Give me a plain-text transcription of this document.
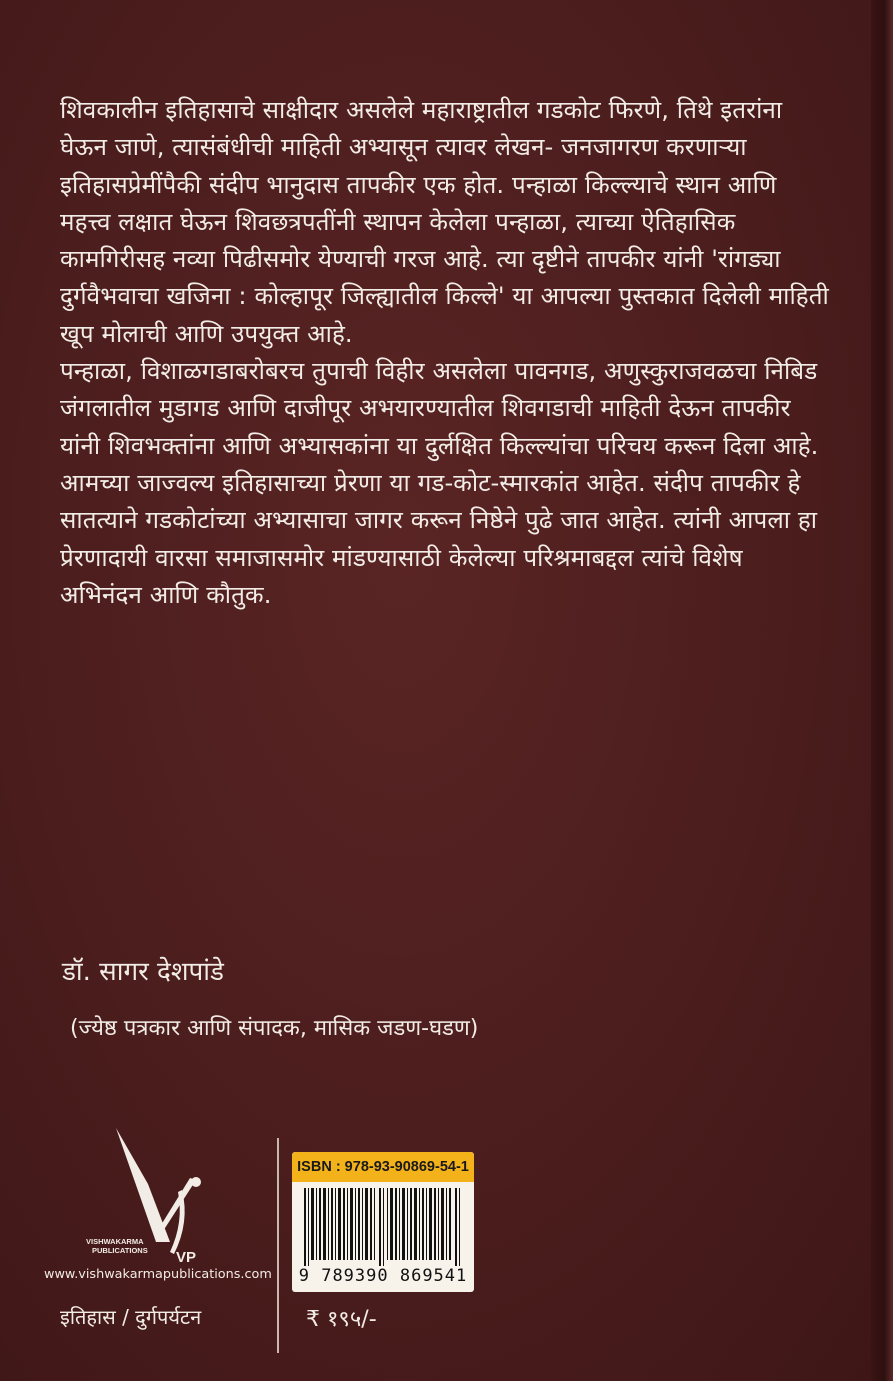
शिवकालीन इतिहासाचे साक्षीदार असलेले महाराष्ट्रातील गडकोट फिरणे, तिथे इतरांना घेऊन जाणे, त्यासंबंधीची माहिती अभ्यासून त्यावर लेखन- जनजागरण करणाऱ्या इतिहासप्रेमींपैकी संदीप भानुदास तापकीर एक होत. पन्हाळा किल्ल्याचे स्थान आणि महत्त्व लक्षात घेऊन शिवछत्रपतींनी स्थापन केलेला पन्हाळा, त्याच्या ऐतिहासिक कामगिरीसह नव्या पिढीसमोर येण्याची गरज आहे. त्या दृष्टीने तापकीर यांनी 'रांगड्या दुर्गवैभवाचा खजिना : कोल्हापूर जिल्ह्यातील किल्ले' या आपल्या पुस्तकात दिलेली माहिती खूप मोलाची आणि उपयुक्त आहे.

पन्हाळा, विशाळगडाबरोबरच तुपाची विहीर असलेला पावनगड, अणुस्कुराजवळचा निबिड जंगलातील मुडागड आणि दाजीपूर अभयारण्यातील शिवगडाची माहिती देऊन तापकीर यांनी शिवभक्तांना आणि अभ्यासकांना या दुर्लक्षित किल्ल्यांचा परिचय करून दिला आहे. आमच्या जाज्वल्य इतिहासाच्या प्रेरणा या गड-कोट-स्मारकांत आहेत. संदीप तापकीर हे सातत्याने गडकोटांच्या अभ्यासाचा जागर करून निष्ठेने पुढे जात आहेत. त्यांनी आपला हा प्रेरणादायी वारसा समाजासमोर मांडण्यासाठी केलेल्या परिश्रमाबद्दल त्यांचे विशेष अभिनंदन आणि कौतुक.

डॉ. सागर देशपांडे
(ज्येष्ठ पत्रकार आणि संपादक, मासिक जडण-घडण)
VISHWAKARMA
PUBLICATIONS VP
www.vishwakarmapublications.com
इतिहास / दुर्गपर्यटन
ISBN : 978-93-90869-54-1
9 789390 869541
₹ १९५/-
